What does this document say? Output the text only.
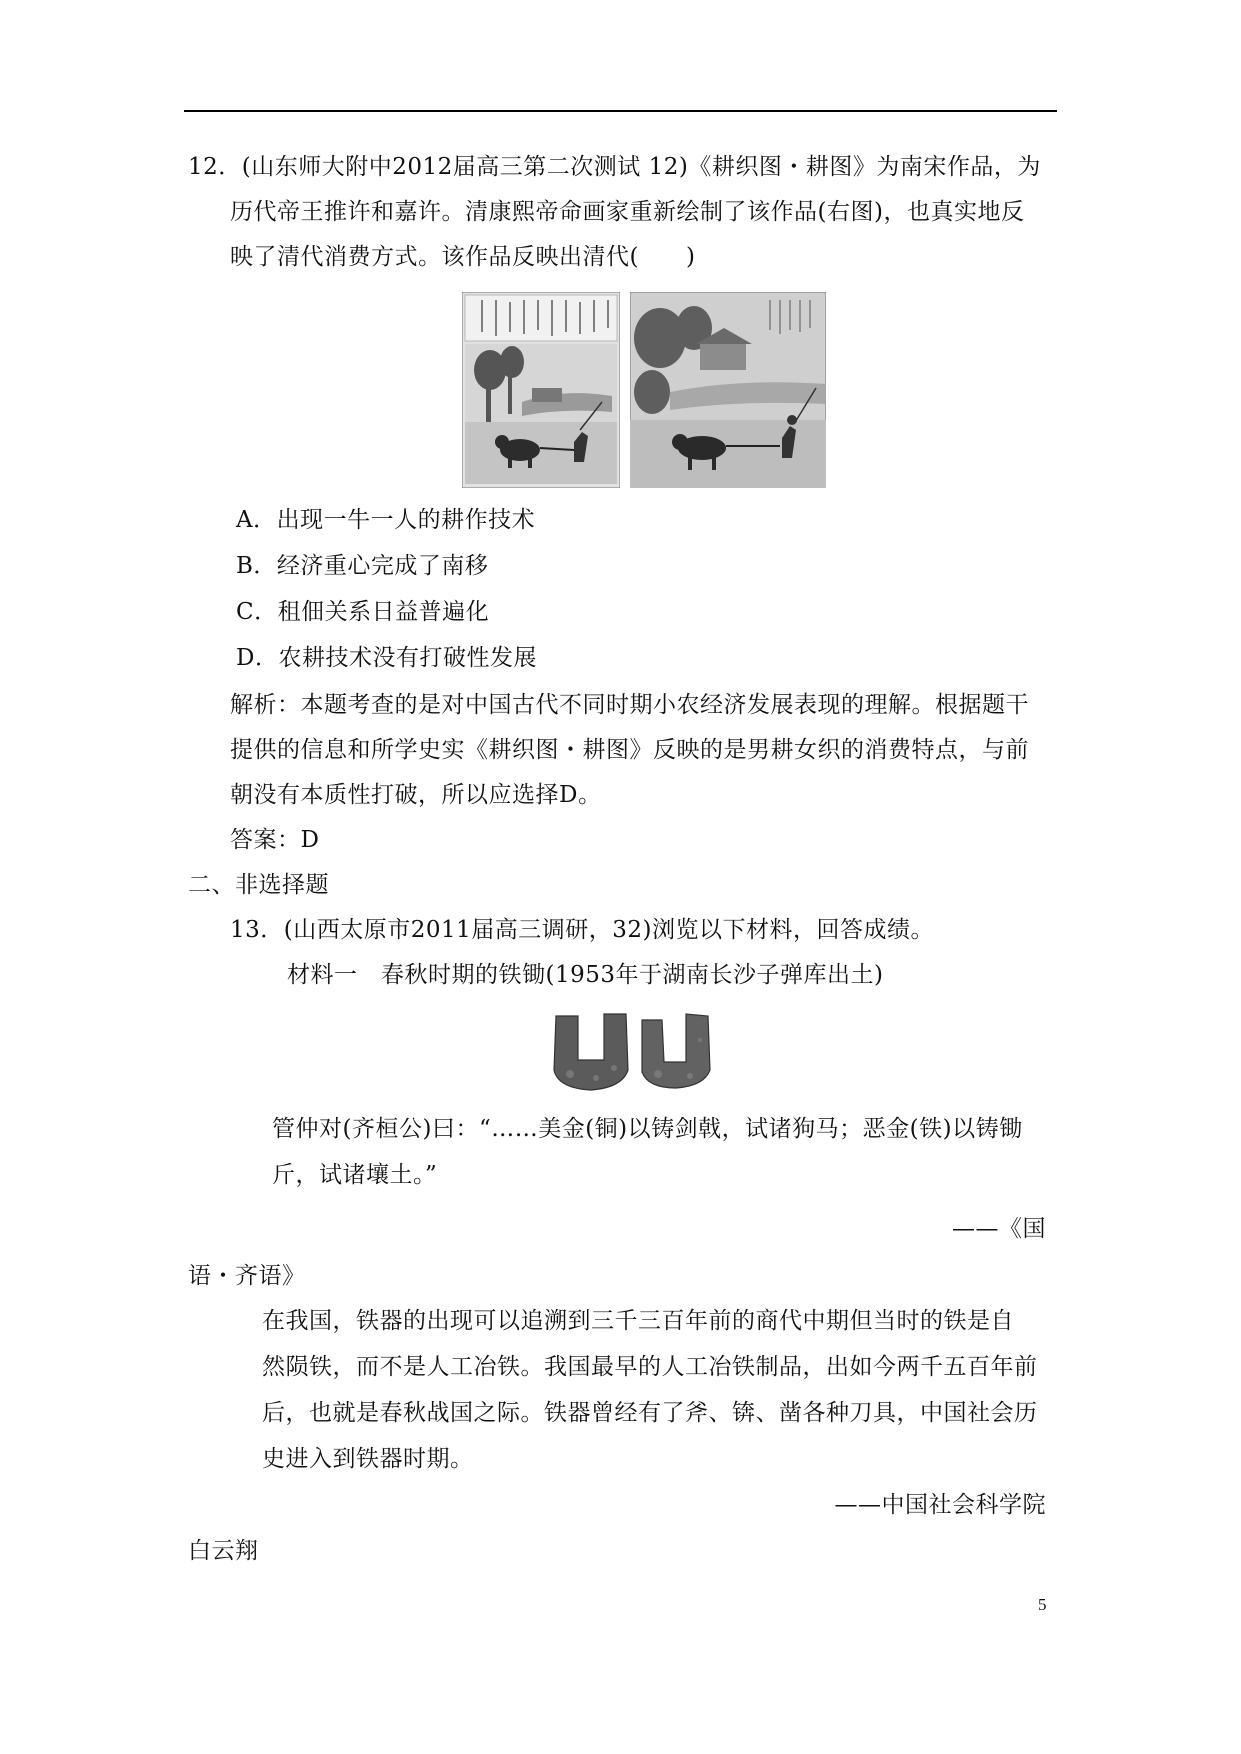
12．(山东师大附中2012届高三第二次测试 12)《耕织图・耕图》为南宋作品，为
历代帝王推许和嘉许。清康熙帝命画家重新绘制了该作品(右图)，也真实地反
映了清代消费方式。该作品反映出清代(　　)
A．出现一牛一人的耕作技术
B．经济重心完成了南移
C．租佃关系日益普遍化
D．农耕技术没有打破性发展
解析：本题考查的是对中国古代不同时期小农经济发展表现的理解。根据题干
提供的信息和所学史实《耕织图・耕图》反映的是男耕女织的消费特点，与前
朝没有本质性打破，所以应选择D。
答案：D
二、非选择题
13．(山西太原市2011届高三调研，32)浏览以下材料，回答成绩。
材料一　春秋时期的铁锄(1953年于湖南长沙子弹库出土)
管仲对(齐桓公)曰：“……美金(铜)以铸剑戟，试诸狗马；恶金(铁)以铸锄
斤，试诸壤土。”
——《国
语・齐语》
在我国，铁器的出现可以追溯到三千三百年前的商代中期但当时的铁是自
然陨铁，而不是人工冶铁。我国最早的人工冶铁制品，出如今两千五百年前
后，也就是春秋战国之际。铁器曾经有了斧、锛、凿各种刀具，中国社会历
史进入到铁器时期。
——中国社会科学院
白云翔
5
